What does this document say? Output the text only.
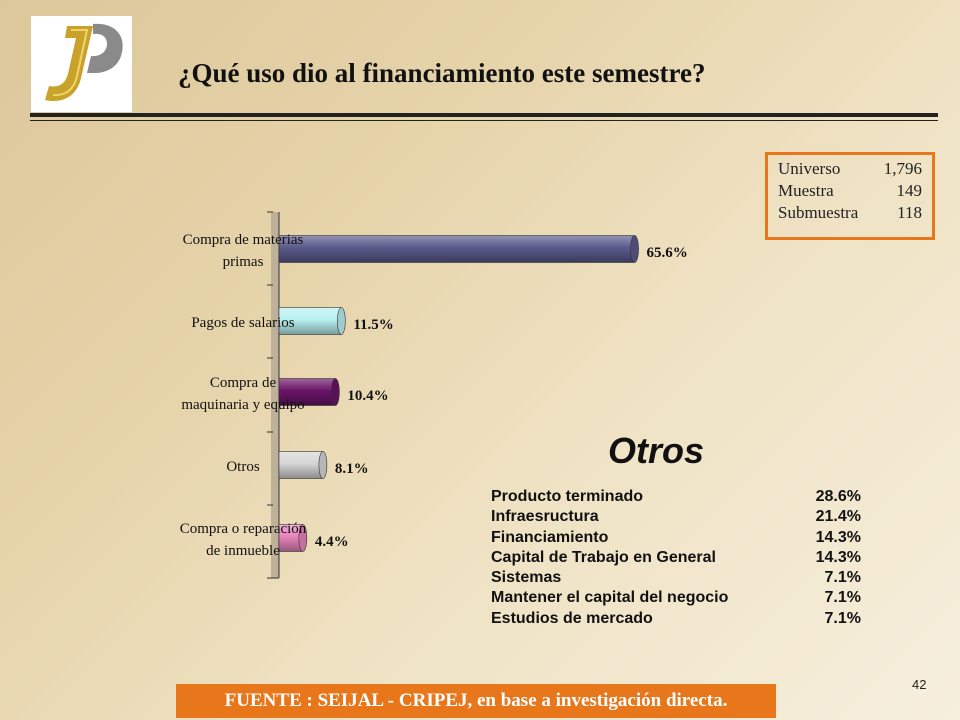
¿Qué uso dio al financiamiento este semestre?
Universo	1,796
Muestra	149
Submuestra 118
65.6%
Compra de materias
primas
11.5%
Pagos de salarios
10.4%
Compra de
maquinaria y equipo
8.1%
Otros
4.4%
Compra o reparación
de inmueble
Otros
Producto terminado	28.6%
Infraesructura	21.4%
Financiamiento	14.3%
Capital de Trabajo en General	14.3%
Sistemas	7.1%
Mantener el capital del negocio	7.1%
Estudios de mercado	7.1%
FUENTE : SEIJAL - CRIPEJ, en base a investigación directa.
42
